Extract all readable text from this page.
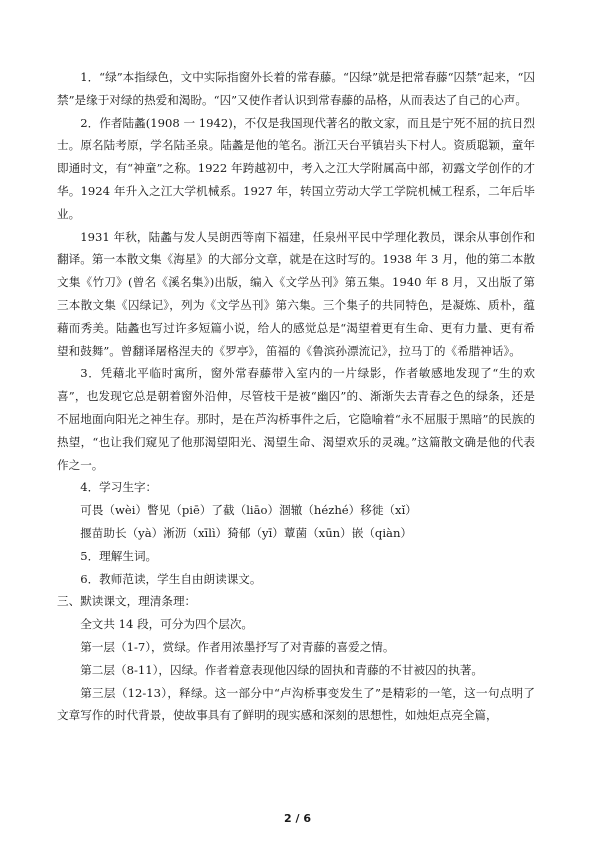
1．“绿”本指绿色，文中实际指窗外长着的常春藤。“囚绿”就是把常春藤“囚禁”起来，“囚禁”是缘于对绿的热爱和渴盼。“囚”又使作者认识到常春藤的品格，从而表达了自己的心声。

2．作者陆蠡(1908 一 1942)，不仅是我国现代著名的散文家，而且是宁死不屈的抗日烈士。原名陆考原，学名陆圣泉。陆蠡是他的笔名。浙江天台平镇岩头下村人。资质聪颖，童年即通时文，有“神童”之称。1922 年跨越初中，考入之江大学附属高中部，初露文学创作的才华。1924 年升入之江大学机械系。1927 年，转国立劳动大学工学院机械工程系，二年后毕业。

1931 年秋，陆蠡与发人吴朗西等南下福建，任泉州平民中学理化教员，课余从事创作和翻译。第一本散文集《海星》的大部分文章，就是在这时写的。1938 年 3 月，他的第二本散文集《竹刀》(曾名《溪名集》)出版，编入《文学丛刊》第五集。1940 年 8 月，又出版了第三本散文集《囚绿记》，列为《文学丛刊》第六集。三个集子的共同特色，是凝炼、质朴，蕴藉而秀美。陆蠡也写过许多短篇小说，给人的感觉总是“渴望着更有生命、更有力量、更有希望和鼓舞”。曾翻译屠格涅夫的《罗亭》，笛福的《鲁滨孙漂流记》，拉马丁的《希腊神话》。

3．凭藉北平临时寓所，窗外常春藤带入室内的一片绿影，作者敏感地发现了“生的欢喜”，也发现它总是朝着窗外沿伸，尽管枝干是被“幽囚”的、渐渐失去青春之色的绿条，还是不屈地面向阳光之神生存。那时，是在芦沟桥事件之后，它隐喻着“永不屈服于黑暗”的民族的热望，“也让我们窥见了他那渴望阳光、渴望生命、渴望欢乐的灵魂。”这篇散文确是他的代表作之一。

4．学习生字：

可畏（wèi）瞥见（piē）了截（liāo）涸辙（hézhé）移徙（xǐ）

揠苗助长（yà）淅沥（xīlì）猗郁（yī）蕈菌（xūn）嵌（qiàn）

5．理解生词。

6．教师范读，学生自由朗读课文。

三、默读课文，理清条理：

全文共 14 段，可分为四个层次。

第一层（1-7），赏绿。作者用浓墨抒写了对青藤的喜爱之情。

第二层（8-11），囚绿。作者着意表现他囚绿的固执和青藤的不甘被囚的执著。

第三层（12-13），释绿。这一部分中“卢沟桥事变发生了”是精彩的一笔，这一句点明了文章写作的时代背景，使故事具有了鲜明的现实感和深刻的思想性，如烛炬点亮全篇，

2 / 6
